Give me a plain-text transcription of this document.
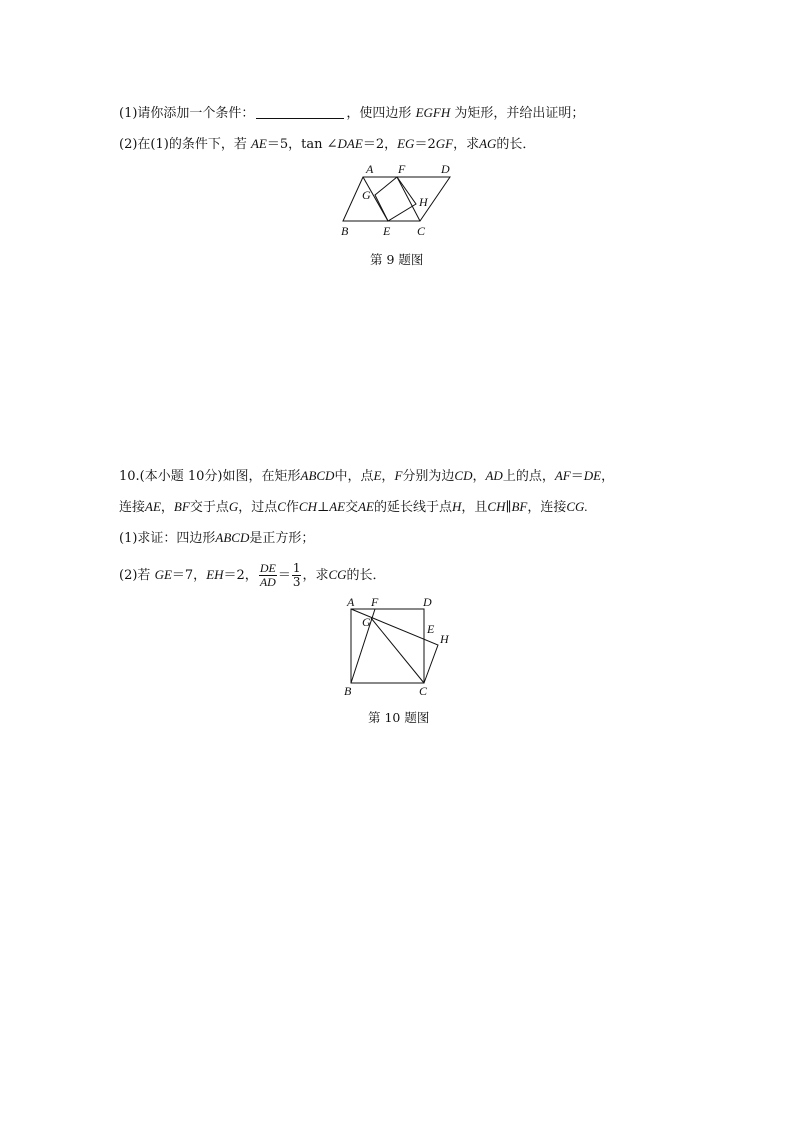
(1)请你添加一个条件：	，使四边形 EGFH 为矩形，并给出证明；
(2)在(1)的条件下，若 AE＝5，tan ∠DAE＝2，EG＝2GF，求AG的长．
A F	D
G	H
B	E C
第 9 题图
10.(本小题 10分)如图，在矩形ABCD中，点E，F分别为边CD，AD上的点，AF＝DE，
连接AE，BF交于点G，过点C作CH⊥AE交AE的延长线于点H，且CH∥BF，连接CG.
(1)求证：四边形ABCD是正方形；
(2)若 GE＝7，EH＝2， $\frac{DE}{AD} = \frac{1}{3}$ ，求CG的长．
A F	D
G	E
H
B	C
第 10 题图
